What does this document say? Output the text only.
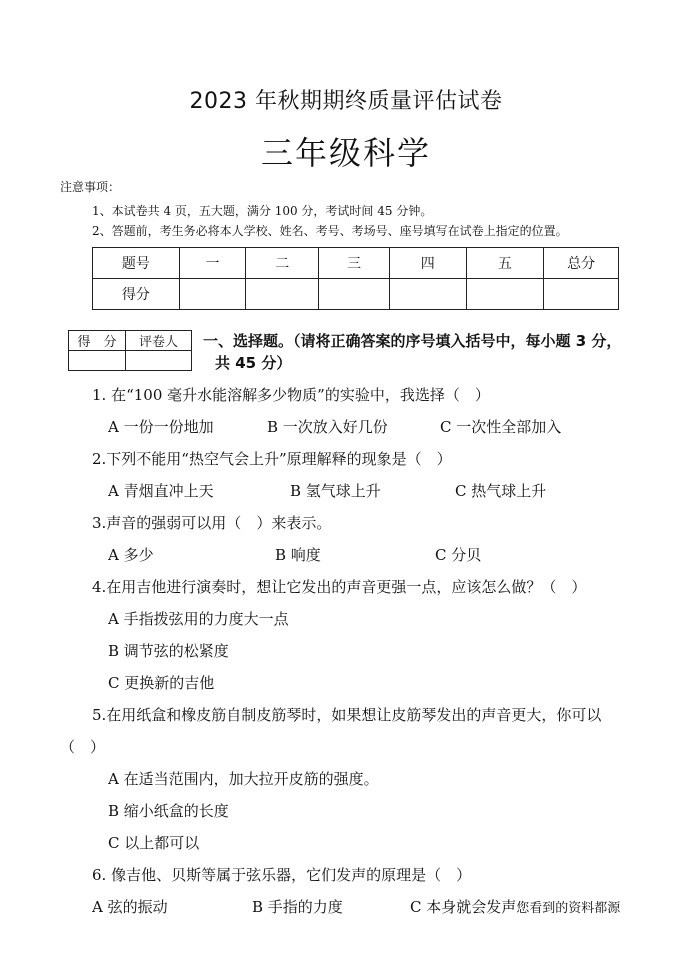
2023 年秋期期终质量评估试卷
三年级科学
注意事项：
1、本试卷共 4 页，五大题，满分 100 分，考试时间 45 分钟。
2、答题前，考生务必将本人学校、姓名、考号、考场号、座号填写在试卷上指定的位置。
题号	一	二	三	四	五	总分
得分						
得　分	评卷人
	一、选择题。（请将正确答案的序号填入括号中，每小题 3 分，
共 45 分）
1. 在“100 毫升水能溶解多少物质”的实验中，我选择（　）
A 一份一份地加	B 一次放入好几份	C 一次性全部加入
2.下列不能用“热空气会上升”原理解释的现象是（　）
A 青烟直冲上天	B 氢气球上升	C 热气球上升
3.声音的强弱可以用（　）来表示。
A 多少	B 响度	C 分贝
4.在用吉他进行演奏时，想让它发出的声音更强一点，应该怎么做？（　）
A 手指拨弦用的力度大一点
B 调节弦的松紧度
C 更换新的吉他
5.在用纸盒和橡皮筋自制皮筋琴时，如果想让皮筋琴发出的声音更大，你可以
（　）
A 在适当范围内，加大拉开皮筋的强度。
B 缩小纸盒的长度
C 以上都可以
6. 像吉他、贝斯等属于弦乐器，它们发声的原理是（　）
A 弦的振动	B 手指的力度	C 本身就会发声您看到的资料都源
